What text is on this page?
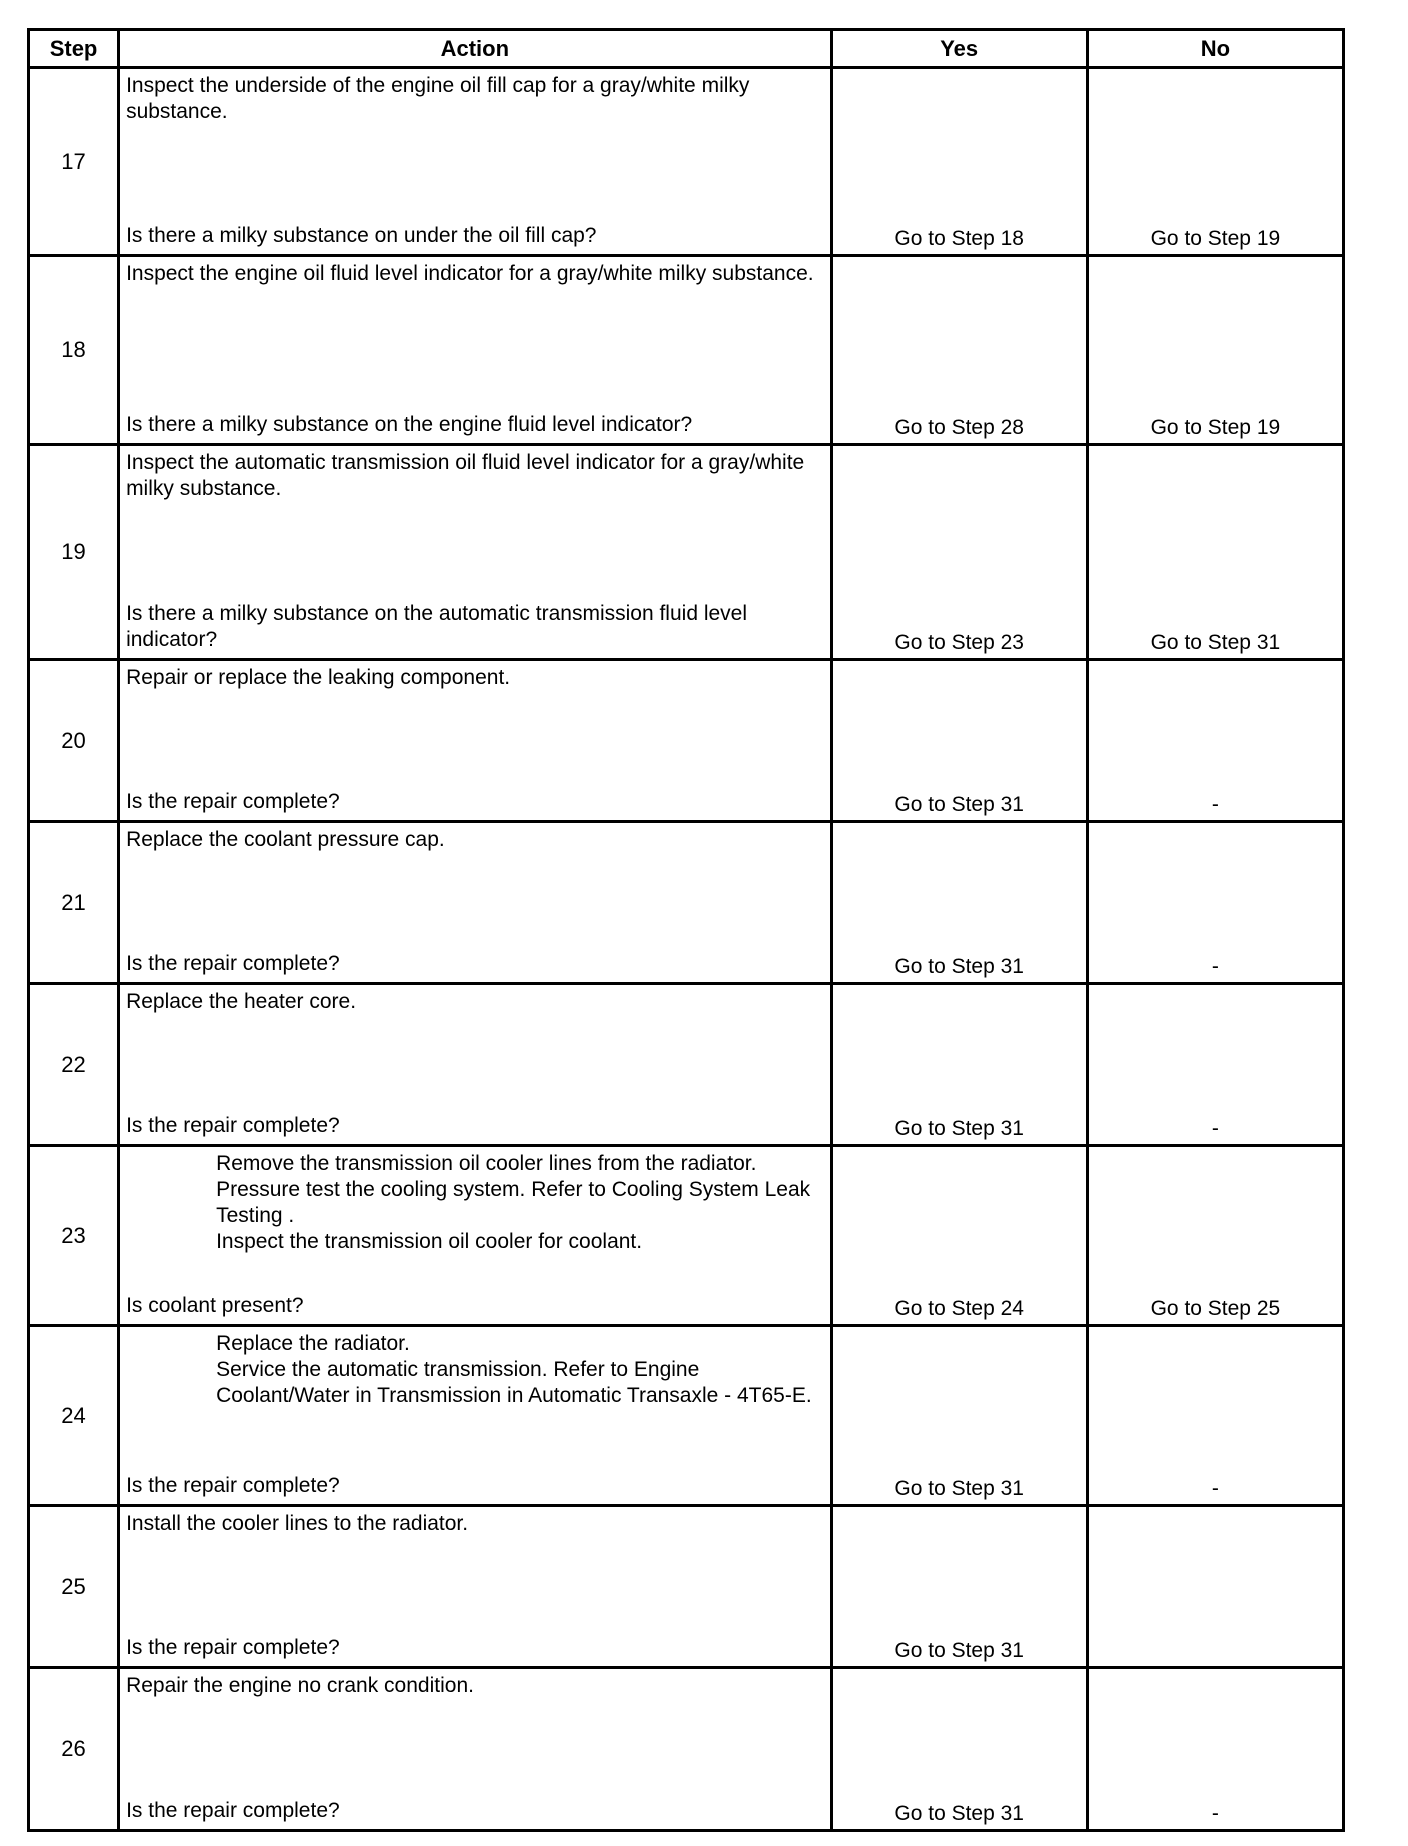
Step	Action	Yes	No
17	Inspect the underside of the engine oil fill cap for a gray/white milky substance.
Is there a milky substance on under the oil fill cap?	Go to Step 18	Go to Step 19
18	Inspect the engine oil fluid level indicator for a gray/white milky substance.
Is there a milky substance on the engine fluid level indicator?	Go to Step 28	Go to Step 19
19	Inspect the automatic transmission oil fluid level indicator for a gray/white milky substance.
Is there a milky substance on the automatic transmission fluid level indicator?	Go to Step 23	Go to Step 31
20	Repair or replace the leaking component.
Is the repair complete?	Go to Step 31	-
21	Replace the coolant pressure cap.
Is the repair complete?	Go to Step 31	-
22	Replace the heater core.
Is the repair complete?	Go to Step 31	-
23	Remove the transmission oil cooler lines from the radiator.
Pressure test the cooling system. Refer to Cooling System Leak Testing .
Inspect the transmission oil cooler for coolant.
Is coolant present?	Go to Step 24	Go to Step 25
24	Replace the radiator.
Service the automatic transmission. Refer to Engine Coolant/Water in Transmission in Automatic Transaxle - 4T65-E.
Is the repair complete?	Go to Step 31	-
25	Install the cooler lines to the radiator.
Is the repair complete?	Go to Step 31	
26	Repair the engine no crank condition.
Is the repair complete?	Go to Step 31	-
